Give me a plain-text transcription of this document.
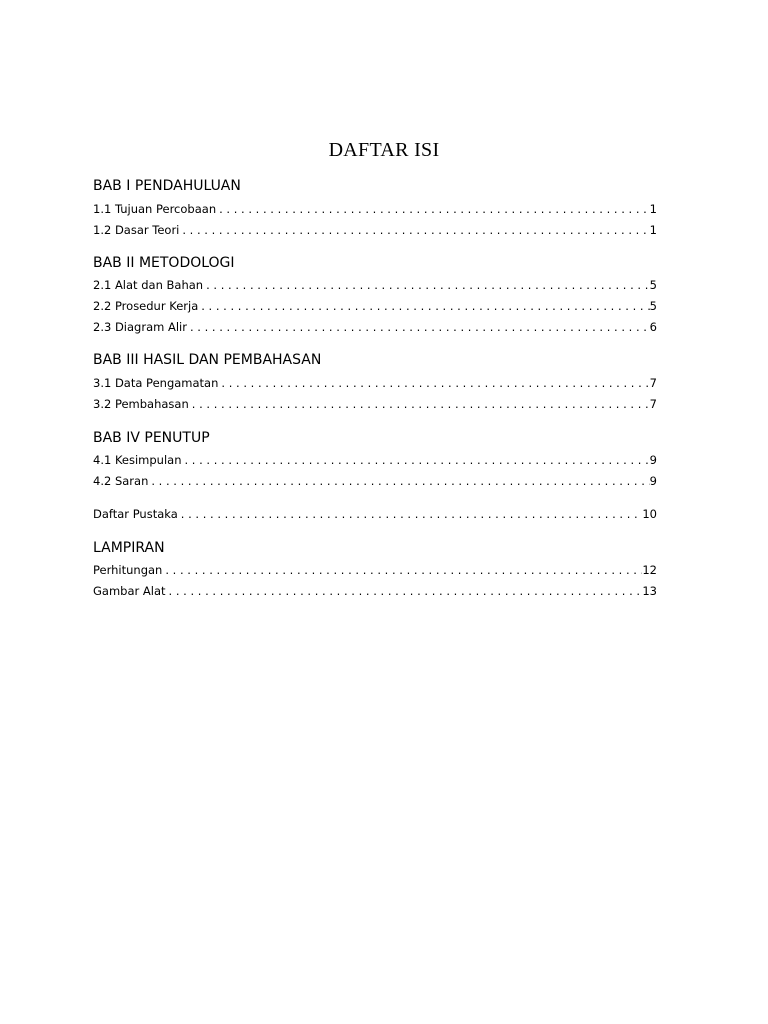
DAFTAR ISI
BAB I PENDAHULUAN
1.1 Tujuan Percobaan . . .	1
1.2 Dasar Teori . . .	1
BAB II METODOLOGI
2.1 Alat dan Bahan . . .	5
2.2 Prosedur Kerja . . .	5
2.3 Diagram Alir . . .	6
BAB III HASIL DAN PEMBAHASAN
3.1 Data Pengamatan . . .	7
3.2 Pembahasan . . .	7
BAB IV PENUTUP
4.1 Kesimpulan . . .	9
4.2 Saran . . .	9
Daftar Pustaka . . .	10
LAMPIRAN
Perhitungan . . .	12
Gambar Alat . . .	13
